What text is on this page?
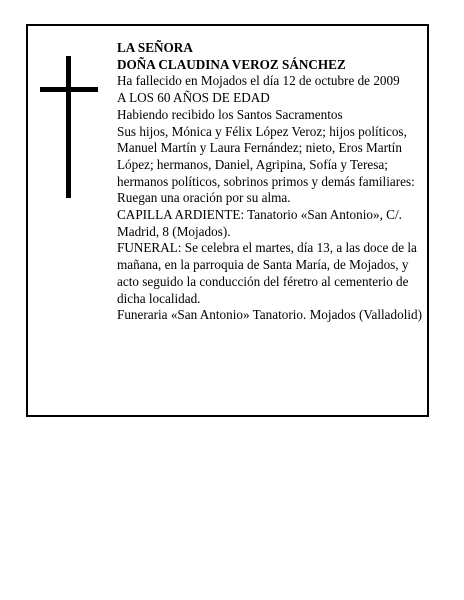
LA SEÑORA

DOÑA CLAUDINA VEROZ SÁNCHEZ

Ha fallecido en Mojados el día 12 de octubre de 2009

A LOS 60 AÑOS DE EDAD

Habiendo recibido los Santos Sacramentos

Sus hijos, Mónica y Félix López Veroz; hijos políticos, Manuel Martín y Laura Fernández; nieto, Eros Martín López; hermanos, Daniel, Agripina, Sofía y Teresa; hermanos políticos, sobrinos primos y demás familiares:

Ruegan una oración por su alma.

CAPILLA ARDIENTE: Tanatorio «San Antonio», C/. Madrid, 8 (Mojados).

FUNERAL: Se celebra el martes, día 13, a las doce de la mañana, en la parroquia de Santa María, de Mojados, y acto seguido la conducción del féretro al cementerio de dicha localidad.

Funeraria «San Antonio» Tanatorio. Mojados (Valladolid)
